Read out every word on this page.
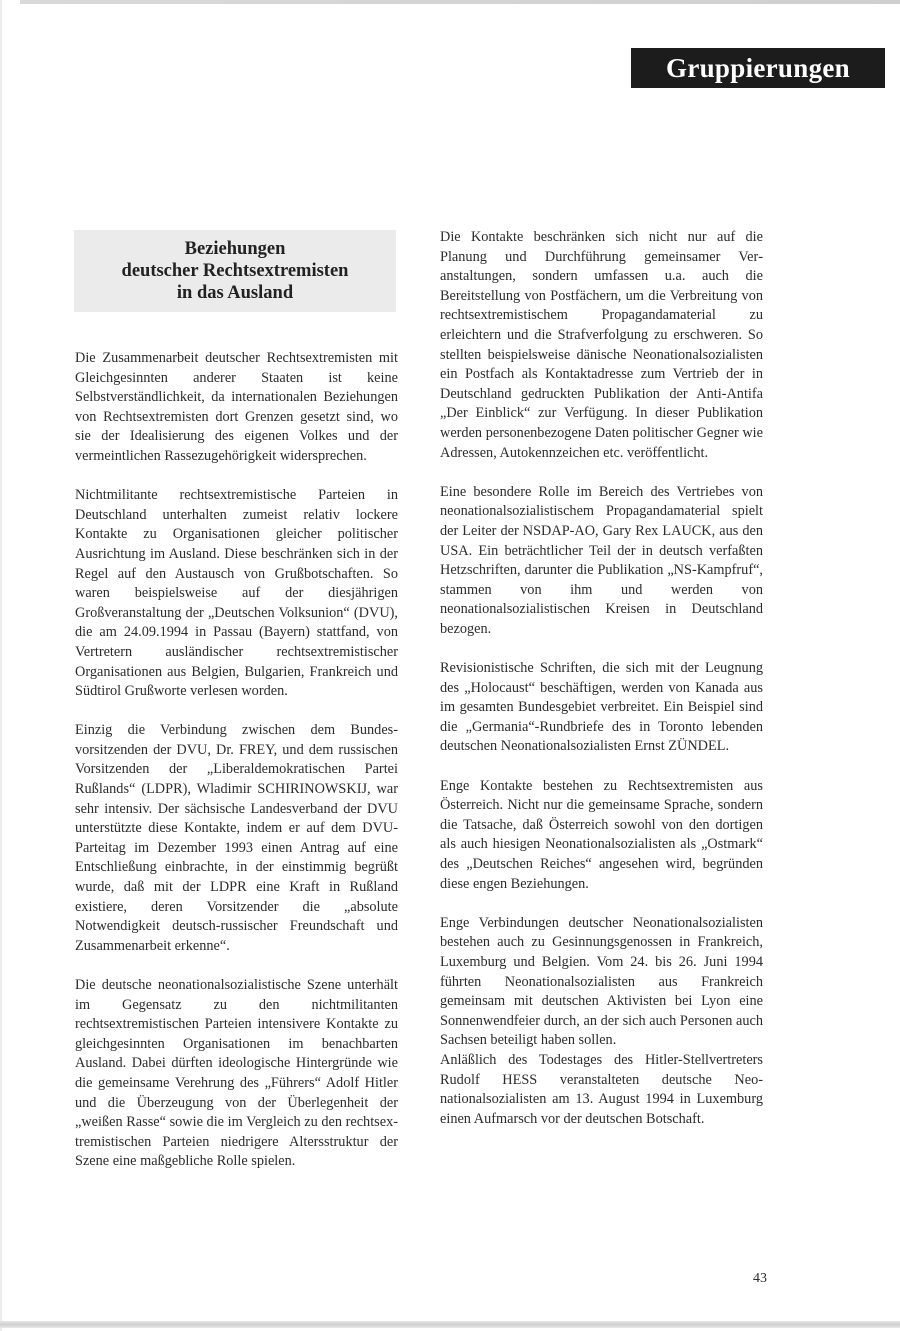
Gruppierungen
Beziehungen
deutscher Rechtsextremisten
in das Ausland

Die Zusammenarbeit deutscher Rechtsextremisten mit Gleichgesinnten anderer Staaten ist keine Selbstverständlichkeit, da internationalen Beziehungen von Rechtsextremisten dort Grenzen gesetzt sind, wo sie der Idealisierung des eigenen Volkes und der vermeintlichen Rassezugehörigkeit widersprechen.

Nichtmilitante rechtsextremistische Parteien in Deutschland unterhalten zumeist relativ lockere Kontakte zu Organisationen gleicher politischer Ausrichtung im Ausland. Diese beschränken sich in der Regel auf den Austausch von Grußbotschaften. So waren beispielsweise auf der diesjährigen Großveranstaltung der „Deutschen Volksunion“ (DVU), die am 24.09.1994 in Passau (Bayern) stattfand, von Vertretern ausländischer rechtsextremistischer Organisationen aus Belgien, Bulgarien, Frankreich und Südtirol Grußworte verlesen worden.

Einzig die Verbindung zwischen dem Bundesvorsitzenden der DVU, Dr. FREY, und dem russischen Vorsitzenden der „Liberaldemokratischen Partei Rußlands“ (LDPR), Wladimir SCHIRINOWSKIJ, war sehr intensiv. Der sächsische Landesverband der DVU unterstützte diese Kontakte, indem er auf dem DVU-Parteitag im Dezember 1993 einen Antrag auf eine Entschließung einbrachte, in der einstimmig begrüßt wurde, daß mit der LDPR eine Kraft in Rußland existiere, deren Vorsitzender die „absolute Notwendigkeit deutsch-russischer Freundschaft und Zusammenarbeit erkenne“.

Die deutsche neonationalsozialistische Szene unterhält im Gegensatz zu den nichtmilitanten rechtsextremistischen Parteien intensivere Kontakte zu gleichgesinnten Organisationen im benachbarten Ausland. Dabei dürften ideologische Hintergründe wie die gemeinsame Verehrung des „Führers“ Adolf Hitler und die Überzeugung von der Überlegenheit der „weißen Rasse“ sowie die im Vergleich zu den rechtsextremistischen Parteien niedrigere Altersstruktur der Szene eine maßgebliche Rolle spielen.

Die Kontakte beschränken sich nicht nur auf die Planung und Durchführung gemeinsamer Veranstaltungen, sondern umfassen u.a. auch die Bereitstellung von Postfächern, um die Verbreitung von rechtsextremistischem Propagandamaterial zu erleichtern und die Strafverfolgung zu erschweren. So stellten beispielsweise dänische Neonationalsozialisten ein Postfach als Kontaktadresse zum Vertrieb der in Deutschland gedruckten Publikation der Anti-Antifa „Der Einblick“ zur Verfügung. In dieser Publikation werden personenbezogene Daten politischer Gegner wie Adressen, Autokennzeichen etc. veröffentlicht.

Eine besondere Rolle im Bereich des Vertriebes von neonationalsozialistischem Propagandamaterial spielt der Leiter der NSDAP-AO, Gary Rex LAUCK, aus den USA. Ein beträchtlicher Teil der in deutsch verfaßten Hetzschriften, darunter die Publikation „NS-Kampfruf“, stammen von ihm und werden von neonationalsozialistischen Kreisen in Deutschland bezogen.

Revisionistische Schriften, die sich mit der Leugnung des „Holocaust“ beschäftigen, werden von Kanada aus im gesamten Bundesgebiet verbreitet. Ein Beispiel sind die „Germania“-Rundbriefe des in Toronto lebenden deutschen Neonationalsozialisten Ernst ZÜNDEL.

Enge Kontakte bestehen zu Rechtsextremisten aus Österreich. Nicht nur die gemeinsame Sprache, sondern die Tatsache, daß Österreich sowohl von den dortigen als auch hiesigen Neonationalsozialisten als „Ostmark“ des „Deutschen Reiches“ angesehen wird, begründen diese engen Beziehungen.

Enge Verbindungen deutscher Neonationalsozialisten bestehen auch zu Gesinnungsgenossen in Frankreich, Luxemburg und Belgien. Vom 24. bis 26. Juni 1994 führten Neonationalsozialisten aus Frankreich gemeinsam mit deutschen Aktivisten bei Lyon eine Sonnenwendfeier durch, an der sich auch Personen auch Sachsen beteiligt haben sollen.

Anläßlich des Todestages des Hitler-Stellvertreters Rudolf HESS veranstalteten deutsche Neonationalsozialisten am 13. August 1994 in Luxemburg einen Aufmarsch vor der deutschen Botschaft.

43
